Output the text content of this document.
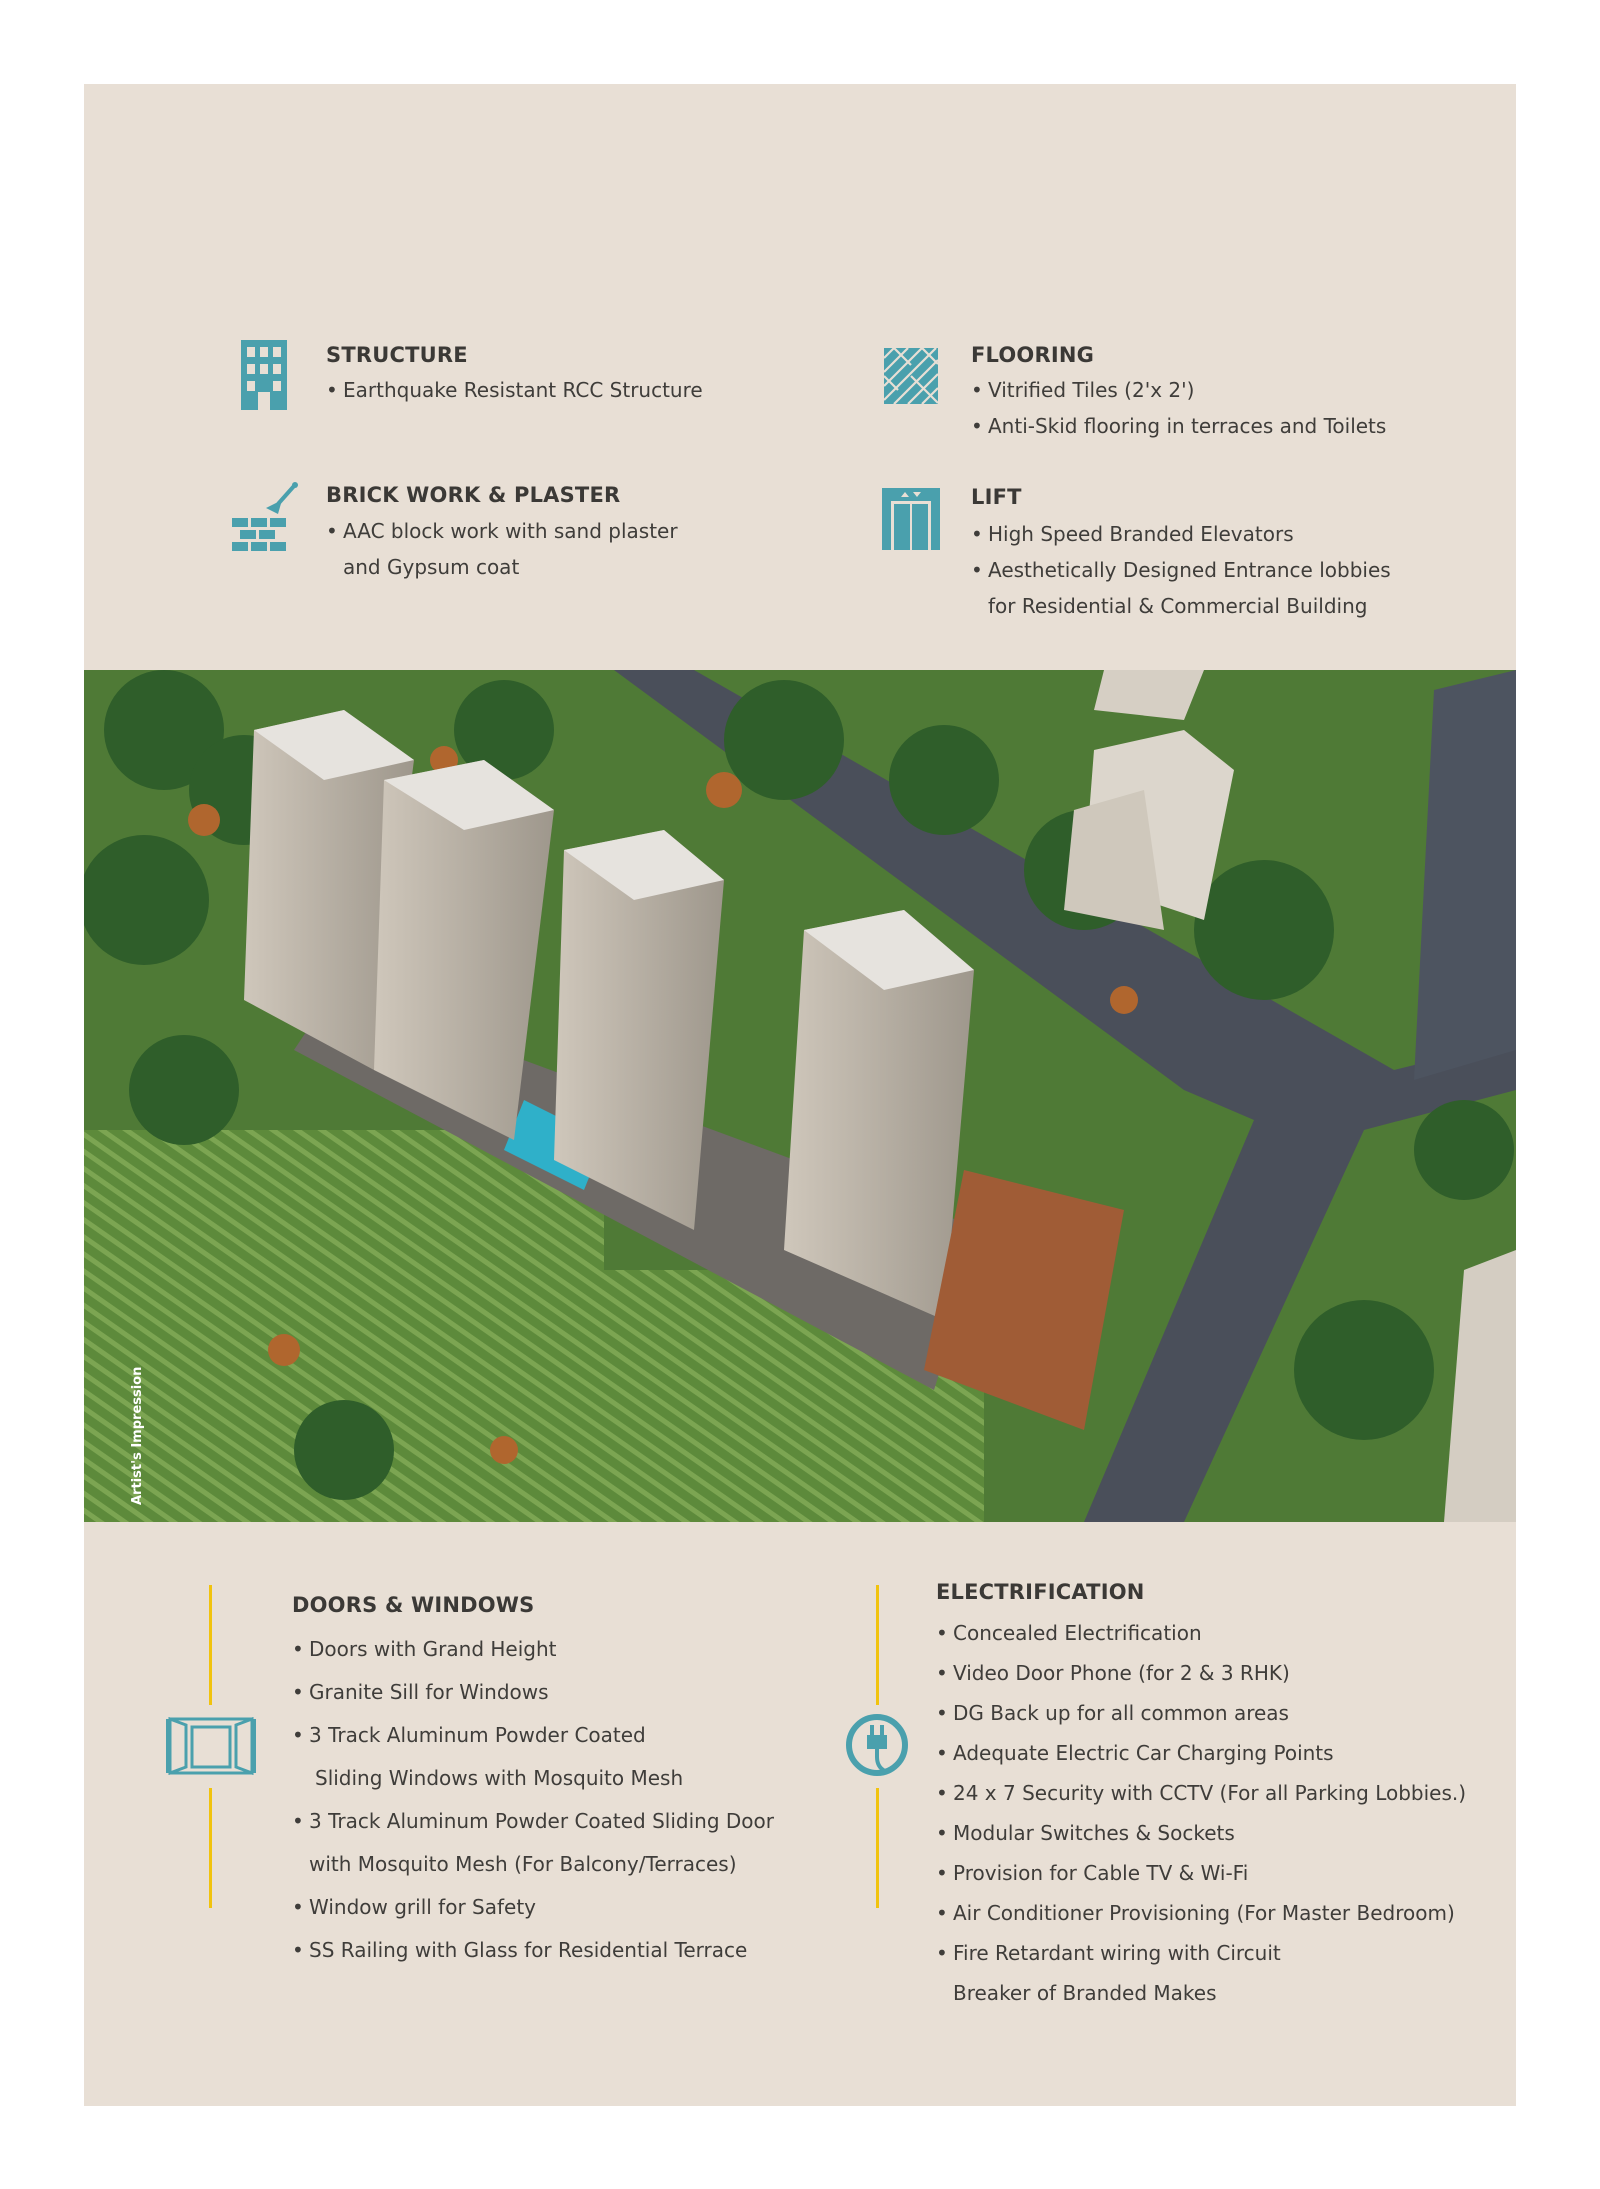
STRUCTURE
• Earthquake Resistant RCC Structure
FLOORING
• Vitrified Tiles (2'x 2')
• Anti-Skid flooring in terraces and Toilets
BRICK WORK & PLASTER
• AAC block work with sand plaster
and Gypsum coat
LIFT
• High Speed Branded Elevators
• Aesthetically Designed Entrance lobbies
for Residential & Commercial Building
Artist's Impression
DOORS & WINDOWS
• Doors with Grand Height
• Granite Sill for Windows
• 3 Track Aluminum Powder Coated
Sliding Windows with Mosquito Mesh
• 3 Track Aluminum Powder Coated Sliding Door
with Mosquito Mesh (For Balcony/Terraces)
• Window grill for Safety
• SS Railing with Glass for Residential Terrace
ELECTRIFICATION
• Concealed Electrification
• Video Door Phone (for 2 & 3 RHK)
• DG Back up for all common areas
• Adequate Electric Car Charging Points
• 24 x 7 Security with CCTV (For all Parking Lobbies.)
• Modular Switches & Sockets
• Provision for Cable TV & Wi-Fi
• Air Conditioner Provisioning (For Master Bedroom)
• Fire Retardant wiring with Circuit
Breaker of Branded Makes
